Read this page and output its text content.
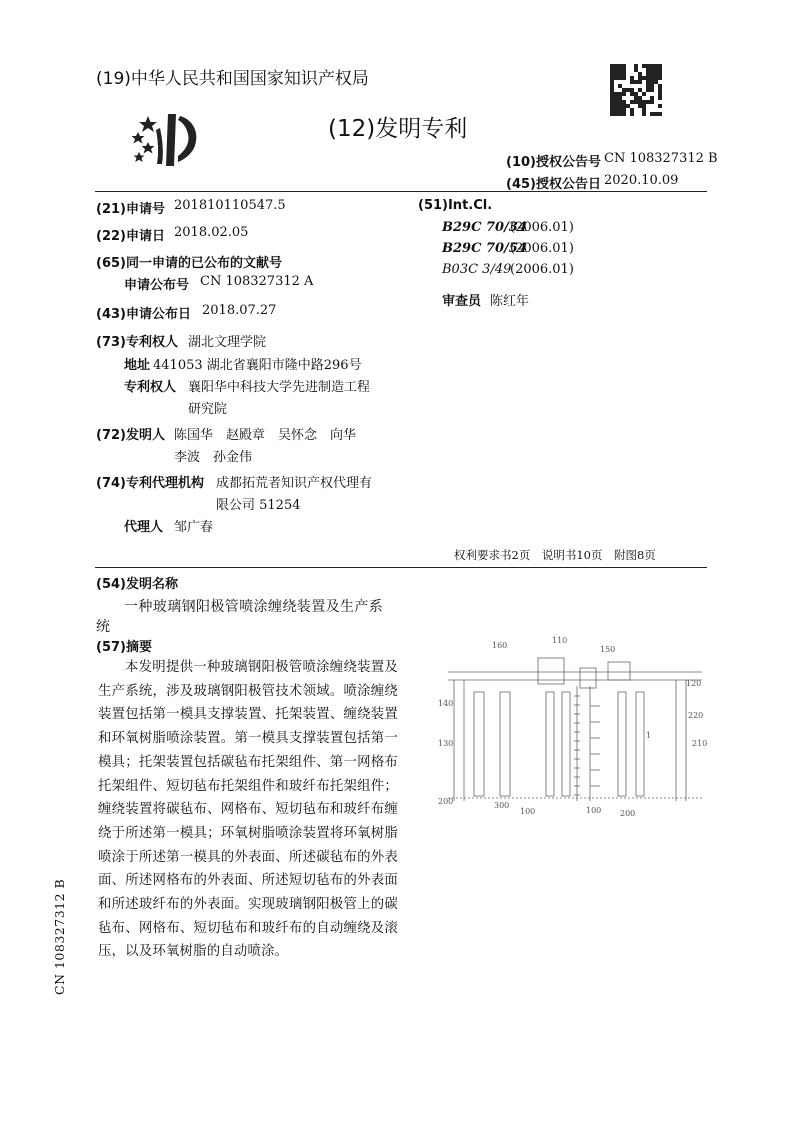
(19)中华人民共和国国家知识产权局
(12)发明专利
(10)授权公告号 CN 108327312 B
(45)授权公告日 2020.10.09
(21)申请号 201810110547.5
(22)申请日 2018.02.05
(65)同一申请的已公布的文献号
申请公布号 CN 108327312 A
(43)申请公布日 2018.07.27
(73)专利权人 湖北文理学院
地址 441053 湖北省襄阳市隆中路296号
专利权人 襄阳华中科技大学先进制造工程
研究院
(72)发明人 陈国华　赵殿章　吴怀念　向华
李波　孙金伟
(74)专利代理机构 成都拓荒者知识产权代理有
限公司 51254
代理人 邹广春
(51)Int.Cl.
B29C 70/34
(2006.01)
B29C 70/54
(2006.01)
B03C 3/49
(2006.01)
审查员 陈红年
权利要求书2页　说明书10页　附图8页
(54)发明名称
一种玻璃钢阳极管喷涂缠绕装置及生产系
统
(57)摘要
本发明提供一种玻璃钢阳极管喷涂缠绕装置及生产系统，涉及玻璃钢阳极管技术领域。喷涂缠绕装置包括第一模具支撑装置、托架装置、缠绕装置和环氧树脂喷涂装置。第一模具支撑装置包括第一模具；托架装置包括碳毡布托架组件、第一网格布托架组件、短切毡布托架组件和玻纤布托架组件；缠绕装置将碳毡布、网格布、短切毡布和玻纤布缠绕于所述第一模具；环氧树脂喷涂装置将环氧树脂喷涂于所述第一模具的外表面、所述碳毡布的外表面、所述网格布的外表面、所述短切毡布的外表面和所述玻纤布的外表面。实现玻璃钢阳极管上的碳毡布、网格布、短切毡布和玻纤布的自动缠绕及滚压，以及环氧树脂的自动喷涂。
160
110
150
140
130
220
120
210
1
200	300
100	100 200
CN 108327312 B
